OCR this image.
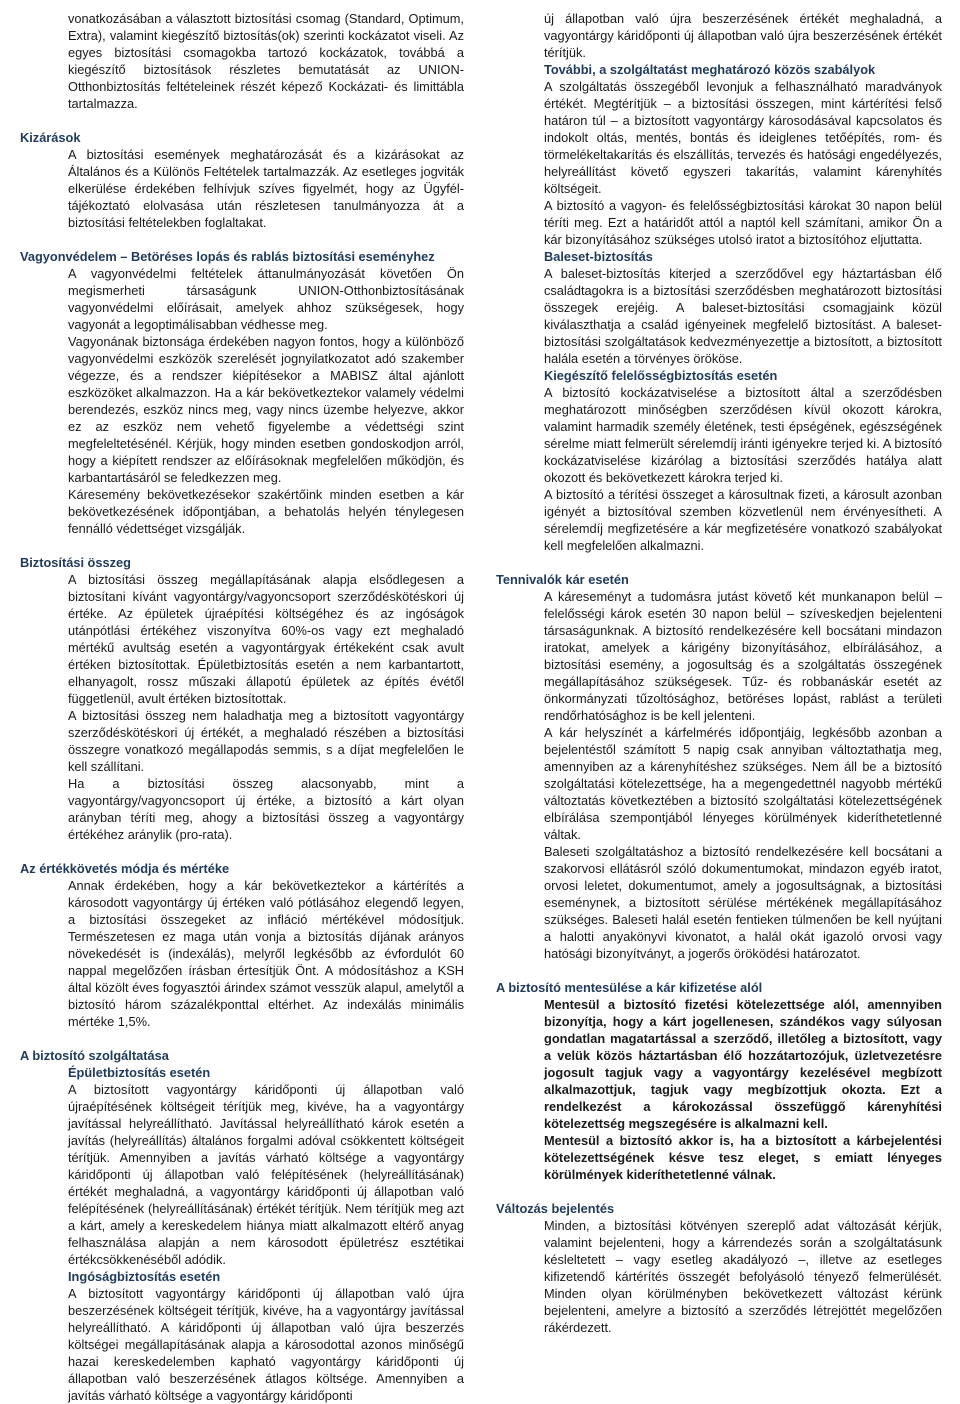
vonatkozásában a választott biztosítási csomag (Standard, Optimum, Extra), valamint kiegészítő biztosítás(ok) szerinti kockázatot viseli. Az egyes biztosítási csomagokba tartozó kockázatok, továbbá a kiegészítő biztosítások részletes bemutatását az UNION-Otthonbiztosítás feltételeinek részét képező Kockázati- és limittábla tartalmazza.

Kizárások

A biztosítási események meghatározását és a kizárásokat az Általános és a Különös Feltételek tartalmazzák. Az esetleges jogviták elkerülése érdekében felhívjuk szíves figyelmét, hogy az Ügyfél-tájékoztató elolvasása után részletesen tanulmányozza át a biztosítási feltételekben foglaltakat.

Vagyonvédelem – Betöréses lopás és rablás biztosítási eseményhez

A vagyonvédelmi feltételek áttanulmányozását követően Ön megismerheti társaságunk UNION-Otthonbiztosításának vagyonvédelmi előírásait, amelyek ahhoz szükségesek, hogy vagyonát a legoptimálisabban védhesse meg.

Vagyonának biztonsága érdekében nagyon fontos, hogy a különböző vagyonvédelmi eszközök szerelését jognyilatkozatot adó szakember végezze, és a rendszer kiépítésekor a MABISZ által ajánlott eszközöket alkalmazzon. Ha a kár bekövetkeztekor valamely védelmi berendezés, eszköz nincs meg, vagy nincs üzembe helyezve, akkor ez az eszköz nem vehető figyelembe a védettségi szint megfeleltetésénél. Kérjük, hogy minden esetben gondoskodjon arról, hogy a kiépített rendszer az előírásoknak megfelelően működjön, és karbantartásáról se feledkezzen meg.

Káresemény bekövetkezésekor szakértőink minden esetben a kár bekövetkezésének időpontjában, a behatolás helyén ténylegesen fennálló védettséget vizsgálják.

Biztosítási összeg

A biztosítási összeg megállapításának alapja elsődlegesen a biztosítani kívánt vagyontárgy/vagyoncsoport szerződéskötéskori új értéke. Az épületek újraépítési költségéhez és az ingóságok utánpótlási értékéhez viszonyítva 60%-os vagy ezt meghaladó mértékű avultság esetén a vagyontárgyak értékeként csak avult értéken biztosítottak. Épületbiztosítás esetén a nem karbantartott, elhanyagolt, rossz műszaki állapotú épületek az építés évétől függetlenül, avult értéken biztosítottak.

A biztosítási összeg nem haladhatja meg a biztosított vagyontárgy szerződéskötéskori új értékét, a meghaladó részében a biztosítási összegre vonatkozó megállapodás semmis, s a díjat megfelelően le kell szállítani.

Ha a biztosítási összeg alacsonyabb, mint a vagyontárgy/vagyoncsoport új értéke, a biztosító a kárt olyan arányban téríti meg, ahogy a biztosítási összeg a vagyontárgy értékéhez aránylik (pro-rata).

Az értékkövetés módja és mértéke

Annak érdekében, hogy a kár bekövetkeztekor a kártérítés a károsodott vagyontárgy új értéken való pótlásához elegendő legyen, a biztosítási összegeket az infláció mértékével módosítjuk. Természetesen ez maga után vonja a biztosítás díjának arányos növekedését is (indexálás), melyről legkésőbb az évfordulót 60 nappal megelőzően írásban értesítjük Önt. A módosításhoz a KSH által közölt éves fogyasztói árindex számot vesszük alapul, amelytől a biztosító három százalékponttal eltérhet. Az indexálás minimális mértéke 1,5%.

A biztosító szolgáltatása
Épületbiztosítás esetén

A biztosított vagyontárgy káridőponti új állapotban való újraépítésének költségeit térítjük meg, kivéve, ha a vagyontárgy javítással helyreállítható. Javítással helyreállítható károk esetén a javítás (helyreállítás) általános forgalmi adóval csökkentett költségeit térítjük. Amennyiben a javítás várható költsége a vagyontárgy káridőponti új állapotban való felépítésének (helyreállításának) értékét meghaladná, a vagyontárgy káridőponti új állapotban való felépítésének (helyreállításának) értékét térítjük. Nem térítjük meg azt a kárt, amely a kereskedelem hiánya miatt alkalmazott eltérő anyag felhasználása alapján a nem károsodott épületrész esztétikai értékcsökkenéséből adódik.

Ingóságbiztosítás esetén

A biztosított vagyontárgy káridőponti új állapotban való újra beszerzésének költségeit térítjük, kivéve, ha a vagyontárgy javítással helyreállítható. A káridőponti új állapotban való újra beszerzés költségei megállapításának alapja a károsodottal azonos minőségű hazai kereskedelemben kapható vagyontárgy káridőponti új állapotban való beszerzésének átlagos költsége. Amennyiben a javítás várható költsége a vagyontárgy káridőponti

új állapotban való újra beszerzésének értékét meghaladná, a vagyontárgy káridőponti új állapotban való újra beszerzésének értékét térítjük.

További, a szolgáltatást meghatározó közös szabályok

A szolgáltatás összegéből levonjuk a felhasználható maradványok értékét. Megtérítjük – a biztosítási összegen, mint kártérítési felső határon túl – a biztosított vagyontárgy károsodásával kapcsolatos és indokolt oltás, mentés, bontás és ideiglenes tetőépítés, rom- és törmelékeltakarítás és elszállítás, tervezés és hatósági engedélyezés, helyreállítást követő egyszeri takarítás, valamint kárenyhítés költségeit.

A biztosító a vagyon- és felelősségbiztosítási károkat 30 napon belül téríti meg. Ezt a határidőt attól a naptól kell számítani, amikor Ön a kár bizonyításához szükséges utolsó iratot a biztosítóhoz eljuttatta.

Baleset-biztosítás

A baleset-biztosítás kiterjed a szerződővel egy háztartásban élő családtagokra is a biztosítási szerződésben meghatározott biztosítási összegek erejéig. A baleset-biztosítási csomagjaink közül kiválaszthatja a család igényeinek megfelelő biztosítást. A baleset-biztosítási szolgáltatások kedvezményezettje a biztosított, a biztosított halála esetén a törvényes örököse.

Kiegészítő felelősségbiztosítás esetén

A biztosító kockázatviselése a biztosított által a szerződésben meghatározott minőségben szerződésen kívül okozott károkra, valamint harmadik személy életének, testi épségének, egészségének sérelme miatt felmerült sérelemdíj iránti igényekre terjed ki. A biztosító kockázatviselése kizárólag a biztosítási szerződés hatálya alatt okozott és bekövetkezett károkra terjed ki.

A biztosító a térítési összeget a károsultnak fizeti, a károsult azonban igényét a biztosítóval szemben közvetlenül nem érvényesítheti. A sérelemdíj megfizetésére a kár megfizetésére vonatkozó szabályokat kell megfelelően alkalmazni.

Tennivalók kár esetén

A káreseményt a tudomásra jutást követő két munkanapon belül – felelősségi károk esetén 30 napon belül – szíveskedjen bejelenteni társaságunknak. A biztosító rendelkezésére kell bocsátani mindazon iratokat, amelyek a kárigény bizonyításához, elbírálásához, a biztosítási esemény, a jogosultság és a szolgáltatás összegének megállapításához szükségesek. Tűz- és robbanáskár esetét az önkormányzati tűzoltósághoz, betöréses lopást, rablást a területi rendőrhatósághoz is be kell jelenteni.

A kár helyszínét a kárfelmérés időpontjáig, legkésőbb azonban a bejelentéstől számított 5 napig csak annyiban változtathatja meg, amennyiben az a kárenyhítéshez szükséges. Nem áll be a biztosító szolgáltatási kötelezettsége, ha a megengedettnél nagyobb mértékű változtatás következtében a biztosító szolgáltatási kötelezettségének elbírálása szempontjából lényeges körülmények kideríthetetlenné váltak.

Baleseti szolgáltatáshoz a biztosító rendelkezésére kell bocsátani a szakorvosi ellátásról szóló dokumentumokat, mindazon egyéb iratot, orvosi leletet, dokumentumot, amely a jogosultságnak, a biztosítási eseménynek, a biztosított sérülése mértékének megállapításához szükséges. Baleseti halál esetén fentieken túlmenően be kell nyújtani a halotti anyakönyvi kivonatot, a halál okát igazoló orvosi vagy hatósági bizonyítványt, a jogerős öröködési határozatot.

A biztosító mentesülése a kár kifizetése alól

Mentesül a biztosító fizetési kötelezettsége alól, amennyiben bizonyítja, hogy a kárt jogellenesen, szándékos vagy súlyosan gondatlan magatartással a szerződő, illetőleg a biztosított, vagy a velük közös háztartásban élő hozzátartozójuk, üzletvezetésre jogosult tagjuk vagy a vagyontárgy kezelésével megbízott alkalmazottjuk, tagjuk vagy megbízottjuk okozta. Ezt a rendelkezést a károkozással összefüggő kárenyhítési kötelezettség megszegésére is alkalmazni kell.

Mentesül a biztosító akkor is, ha a biztosított a kárbejelentési kötelezettségének késve tesz eleget, s emiatt lényeges körülmények kideríthetetlenné válnak.

Változás bejelentés

Minden, a biztosítási kötvényen szereplő adat változását kérjük, valamint bejelenteni, hogy a kárrendezés során a szolgáltatásunk késleltetett – vagy esetleg akadályozó –, illetve az esetleges kifizetendő kártérítés összegét befolyásoló tényező felmerülését. Minden olyan körülményben bekövetkezett változást kérünk bejelenteni, amelyre a biztosító a szerződés létrejöttét megelőzően rákérdezett.
